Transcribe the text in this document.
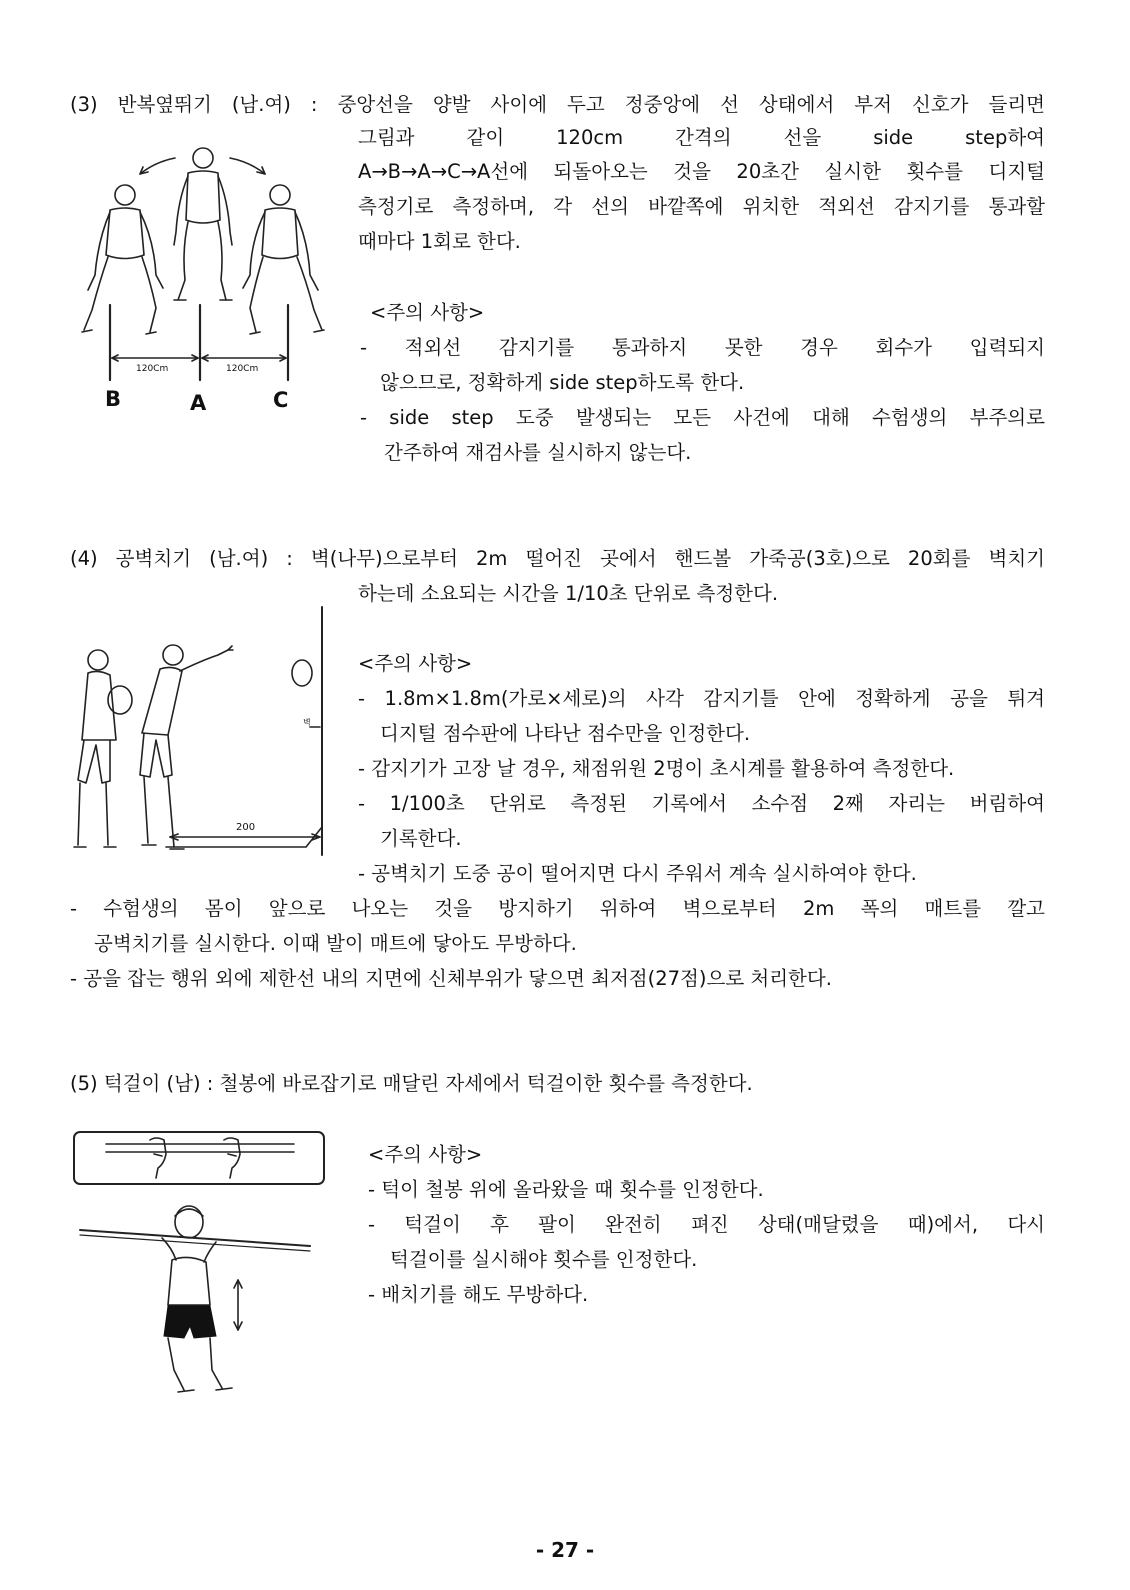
(3) 반복옆뛰기 (남.여) : 중앙선을 양발 사이에 두고 정중앙에 선 상태에서 부저 신호가 들리면
그림과 같이 120cm 간격의 선을 side step하여
A→B→A→C→A선에 되돌아오는 것을 20초간 실시한 횟수를 디지털
측정기로 측정하며, 각 선의 바깥쪽에 위치한 적외선 감지기를 통과할
때마다 1회로 한다.
<주의 사항>
- 적외선 감지기를 통과하지 못한 경우 회수가 입력되지
않으므로, 정확하게 side step하도록 한다.
- side step 도중 발생되는 모든 사건에 대해 수험생의 부주의로
간주하여 재검사를 실시하지 않는다.
120Cm	120Cm
B	A	C
(4) 공벽치기 (남.여) : 벽(나무)으로부터 2m 떨어진 곳에서 핸드볼 가죽공(3호)으로 20회를 벽치기
하는데 소요되는 시간을 1/10초 단위로 측정한다.
<주의 사항>
- 1.8m×1.8m(가로×세로)의 사각 감지기틀 안에 정확하게 공을 튀겨
디지털 점수판에 나타난 점수만을 인정한다.
- 감지기가 고장 날 경우, 채점위원 2명이 초시계를 활용하여 측정한다.
- 1/100초 단위로 측정된 기록에서 소수점 2째 자리는 버림하여
기록한다.
- 공벽치기 도중 공이 떨어지면 다시 주워서 계속 실시하여야 한다.
- 수험생의 몸이 앞으로 나오는 것을 방지하기 위하여 벽으로부터 2m 폭의 매트를 깔고
공벽치기를 실시한다. 이때 발이 매트에 닿아도 무방하다.
- 공을 잡는 행위 외에 제한선 내의 지면에 신체부위가 닿으면 최저점(27점)으로 처리한다.
200
벽
(5) 턱걸이 (남) : 철봉에 바로잡기로 매달린 자세에서 턱걸이한 횟수를 측정한다.
<주의 사항>
- 턱이 철봉 위에 올라왔을 때 횟수를 인정한다.
- 턱걸이 후 팔이 완전히 펴진 상태(매달렸을 때)에서, 다시
턱걸이를 실시해야 횟수를 인정한다.
- 배치기를 해도 무방하다.
- 27 -
